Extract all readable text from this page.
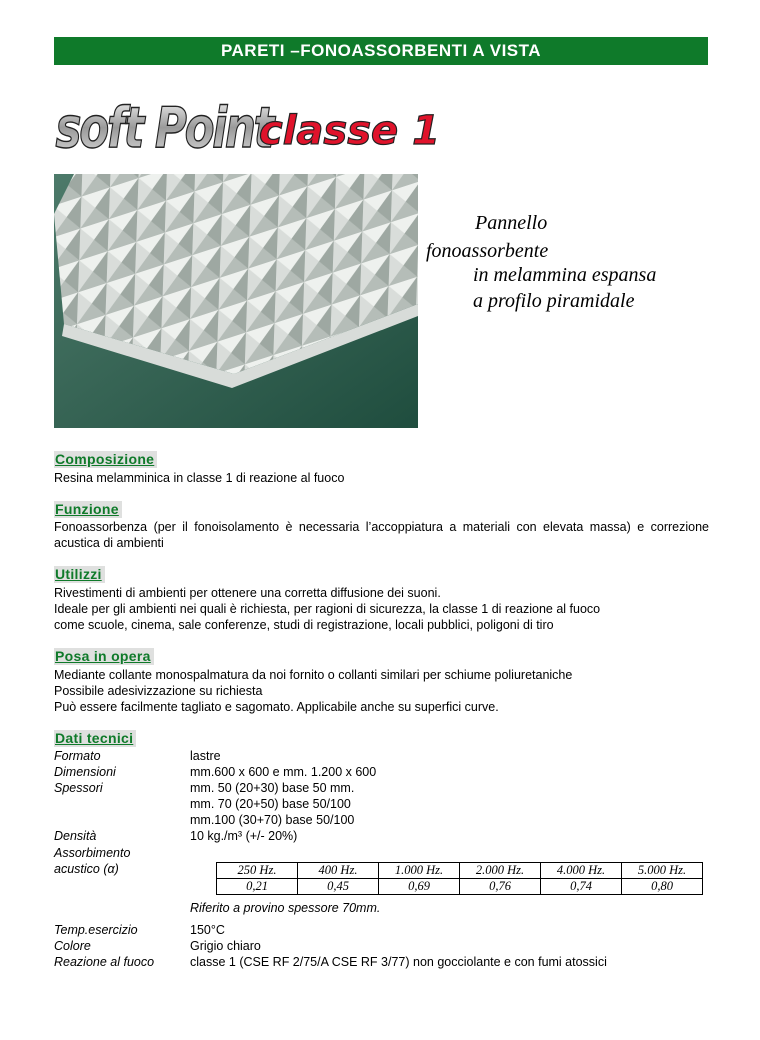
PARETI –FONOASSORBENTI A VISTA
soft Point
classe 1
Pannello
fonoassorbente
in melammina espansa
a profilo piramidale
Composizione
Resina melamminica in classe 1 di reazione al fuoco
Funzione
Fonoassorbenza (per il fonoisolamento è necessaria l’accoppiatura a materiali con elevata massa) e correzione acustica di ambienti
Utilizzi
Rivestimenti di ambienti per ottenere una corretta diffusione dei suoni.
Ideale per gli ambienti nei quali è richiesta, per ragioni di sicurezza, la classe 1 di reazione al fuoco
come scuole, cinema, sale conferenze, studi di registrazione, locali pubblici, poligoni di tiro
Posa in opera
Mediante collante monospalmatura da noi fornito o collanti similari per schiume poliuretaniche
Possibile adesivizzazione su richiesta
Può essere facilmente tagliato e sagomato. Applicabile anche su superfici curve.
Dati tecnici
Formato	lastre
Dimensioni	mm.600 x 600 e mm. 1.200 x 600
Spessori	mm. 50 (20+30) base 50 mm.
mm. 70 (20+50) base 50/100
mm.100 (30+70) base 50/100
Densità	10 kg./m³ (+/- 20%)
Assorbimento
acustico (α)	250 Hz.	400 Hz.	1.000 Hz.	2.000 Hz.	4.000 Hz.	5.000 Hz.
0,21	0,45	0,69	0,76	0,74	0,80
Riferito a provino spessore 70mm.
Temp.esercizio	150°C
Colore	Grigio chiaro
Reazione al fuoco	classe 1 (CSE RF 2/75/A CSE RF 3/77) non gocciolante e con fumi atossici
